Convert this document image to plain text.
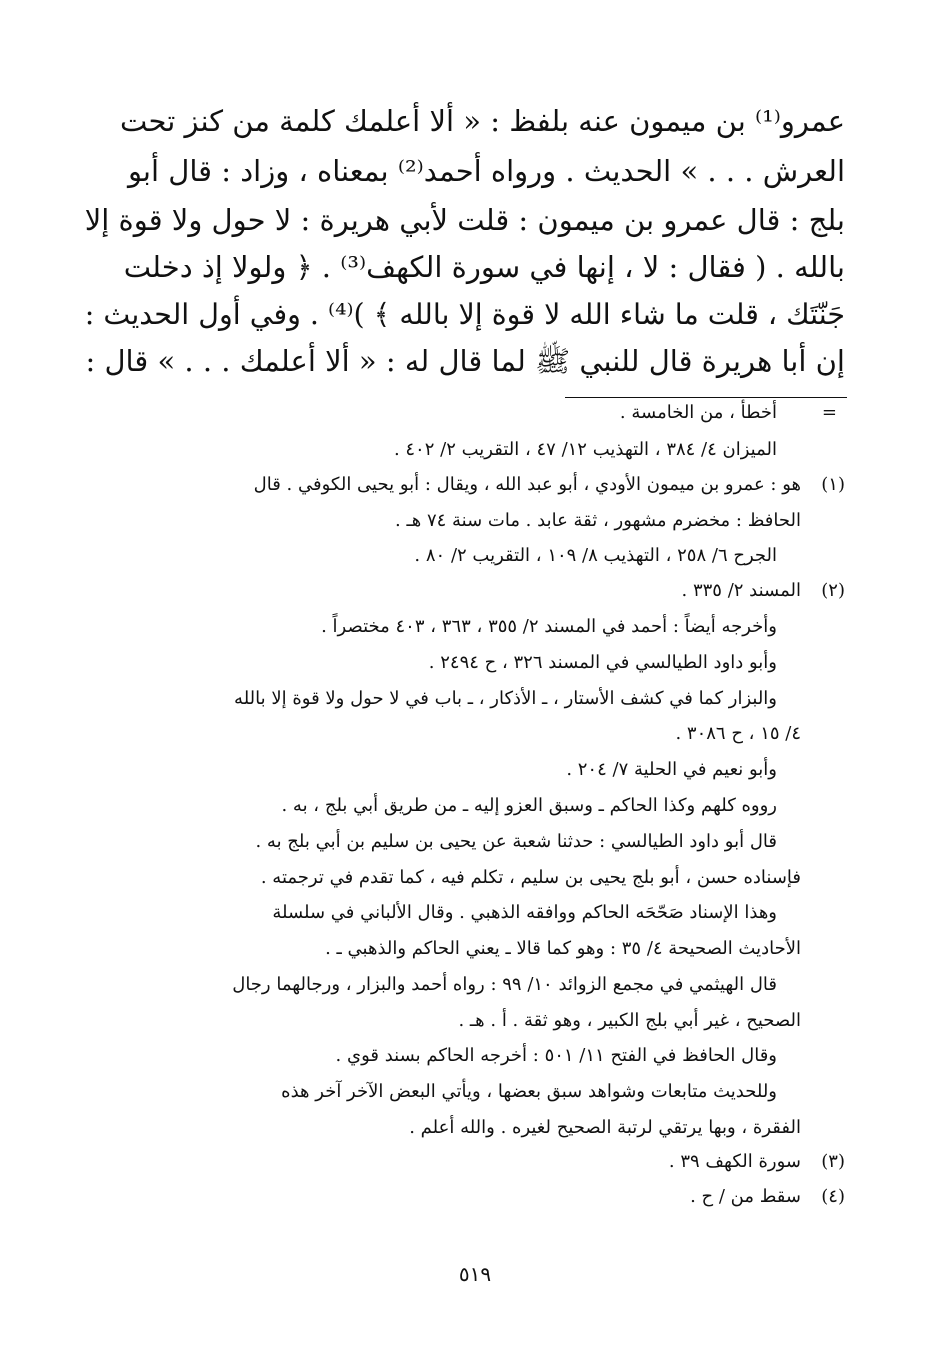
عمرو⁽¹⁾ بن ميمون عنه بلفظ : « ألا أعلمك كلمة من كنز تحت
العرش . . . » الحديث . ورواه أحمد⁽²⁾ بمعناه ، وزاد : قال أبو
بلج : قال عمرو بن ميمون : قلت لأبي هريرة : لا حول ولا قوة إلا
بالله . ( فقال : لا ، إنها في سورة الكهف⁽³⁾ . ﴿ ولولا إذ دخلت
جَنّتَك ، قلت ما شاء الله لا قوة إلا بالله ﴾ )⁽⁴⁾ . وفي أول الحديث :
إن أبا هريرة قال للنبي ﷺ لما قال له : « ألا أعلمك . . . » قال :
=
أخطأ ، من الخامسة .
الميزان ٤/ ٣٨٤ ، التهذيب ١٢/ ٤٧ ، التقريب ٢/ ٤٠٢ .
(١)
هو : عمرو بن ميمون الأودي ، أبو عبد الله ، ويقال : أبو يحيى الكوفي . قال
الحافظ : مخضرم مشهور ، ثقة عابد . مات سنة ٧٤ هـ .
الجرح ٦/ ٢٥٨ ، التهذيب ٨/ ١٠٩ ، التقريب ٢/ ٨٠ .
(٢)
المسند ٢/ ٣٣٥ .
وأخرجه أيضاً : أحمد في المسند ٢/ ٣٥٥ ، ٣٦٣ ، ٤٠٣ مختصراً .
وأبو داود الطيالسي في المسند ٣٢٦ ، ح ٢٤٩٤ .
والبزار كما في كشف الأستار ، ـ الأذكار ، ـ باب في لا حول ولا قوة إلا بالله
٤/ ١٥ ، ح ٣٠٨٦ .
وأبو نعيم في الحلية ٧/ ٢٠٤ .
رووه كلهم وكذا الحاكم ـ وسبق العزو إليه ـ من طريق أبي بلج ، به .
قال أبو داود الطيالسي : حدثنا شعبة عن يحيى بن سليم بن أبي بلج به .
فإسناده حسن ، أبو بلج يحيى بن سليم ، تكلم فيه ، كما تقدم في ترجمته .
وهذا الإسناد صَحّحَه الحاكم ووافقه الذهبي . وقال الألباني في سلسلة
الأحاديث الصحيحة ٤/ ٣٥ : وهو كما قالا ـ يعني الحاكم والذهبي ـ .
قال الهيثمي في مجمع الزوائد ١٠/ ٩٩ : رواه أحمد والبزار ، ورجالهما رجال
الصحيح ، غير أبي بلج الكبير ، وهو ثقة . أ . هـ .
وقال الحافظ في الفتح ١١/ ٥٠١ : أخرجه الحاكم بسند قوي .
وللحديث متابعات وشواهد سبق بعضها ، ويأتي البعض الآخر آخر هذه
الفقرة ، وبها يرتقي لرتبة الصحيح لغيره . والله أعلم .
(٣)
سورة الكهف ٣٩ .
(٤)
سقط من / ح .
٥١٩
